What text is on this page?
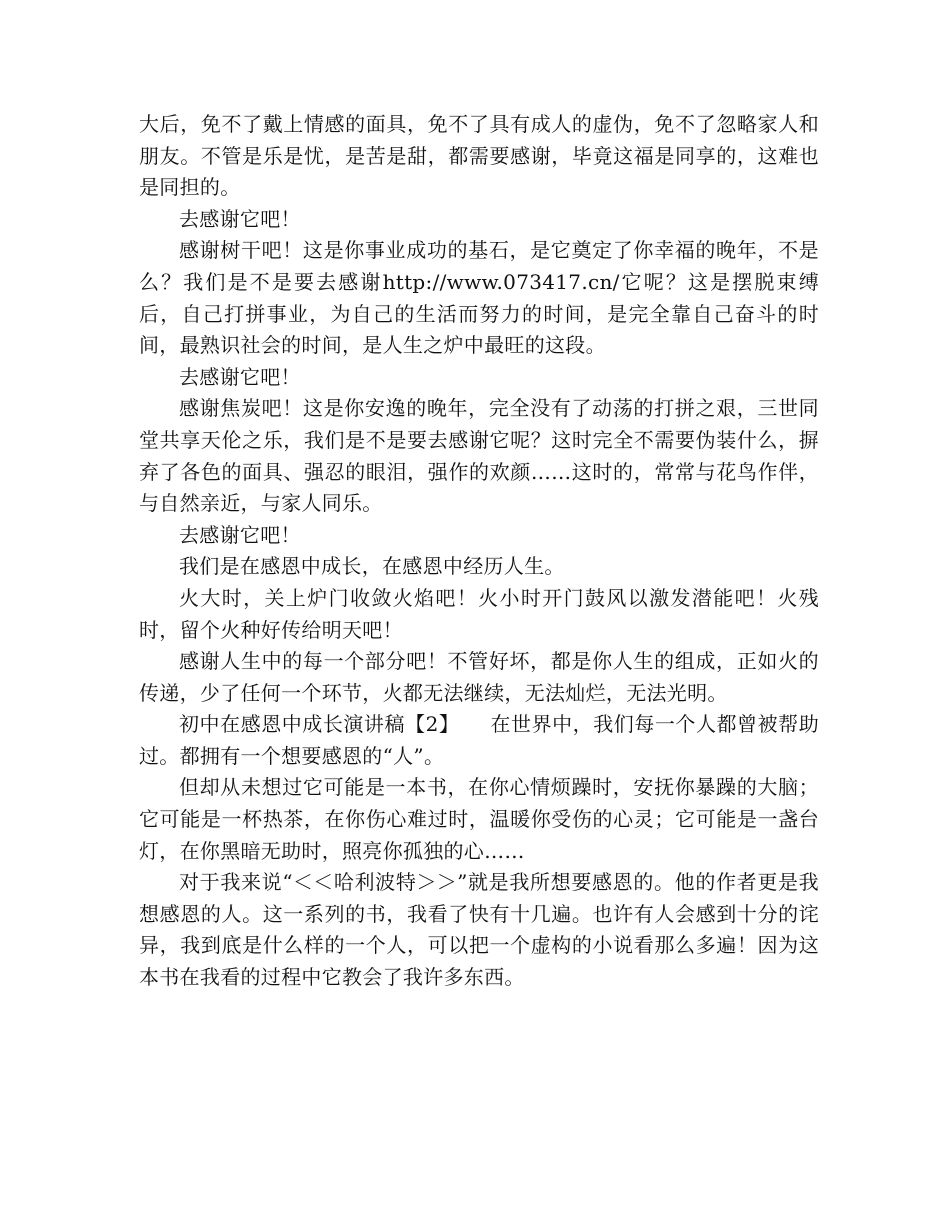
大后，免不了戴上情感的面具，免不了具有成人的虚伪，免不了忽略家人和朋友。不管是乐是忧，是苦是甜，都需要感谢，毕竟这福是同享的，这难也是同担的。

去感谢它吧！

感谢树干吧！这是你事业成功的基石，是它奠定了你幸福的晚年，不是么？我们是不是要去感谢http://www.073417.cn/它呢？这是摆脱束缚后，自己打拼事业，为自己的生活而努力的时间，是完全靠自己奋斗的时间，最熟识社会的时间，是人生之炉中最旺的这段。

去感谢它吧！

感谢焦炭吧！这是你安逸的晚年，完全没有了动荡的打拼之艰，三世同堂共享天伦之乐，我们是不是要去感谢它呢？这时完全不需要伪装什么，摒弃了各色的面具、强忍的眼泪，强作的欢颜……这时的，常常与花鸟作伴，与自然亲近，与家人同乐。

去感谢它吧！

我们是在感恩中成长，在感恩中经历人生。

火大时，关上炉门收敛火焰吧！火小时开门鼓风以激发潜能吧！火残时，留个火种好传给明天吧！

感谢人生中的每一个部分吧！不管好坏，都是你人生的组成，正如火的传递，少了任何一个环节，火都无法继续，无法灿烂，无法光明。

初中在感恩中成长演讲稿【2】　　在世界中，我们每一个人都曾被帮助过。都拥有一个想要感恩的“人”。

但却从未想过它可能是一本书，在你心情烦躁时，安抚你暴躁的大脑；它可能是一杯热茶，在你伤心难过时，温暖你受伤的心灵；它可能是一盏台灯，在你黑暗无助时，照亮你孤独的心……

对于我来说“＜＜哈利波特＞＞”就是我所想要感恩的。他的作者更是我想感恩的人。这一系列的书，我看了快有十几遍。也许有人会感到十分的诧异，我到底是什么样的一个人，可以把一个虚构的小说看那么多遍！因为这本书在我看的过程中它教会了我许多东西。
